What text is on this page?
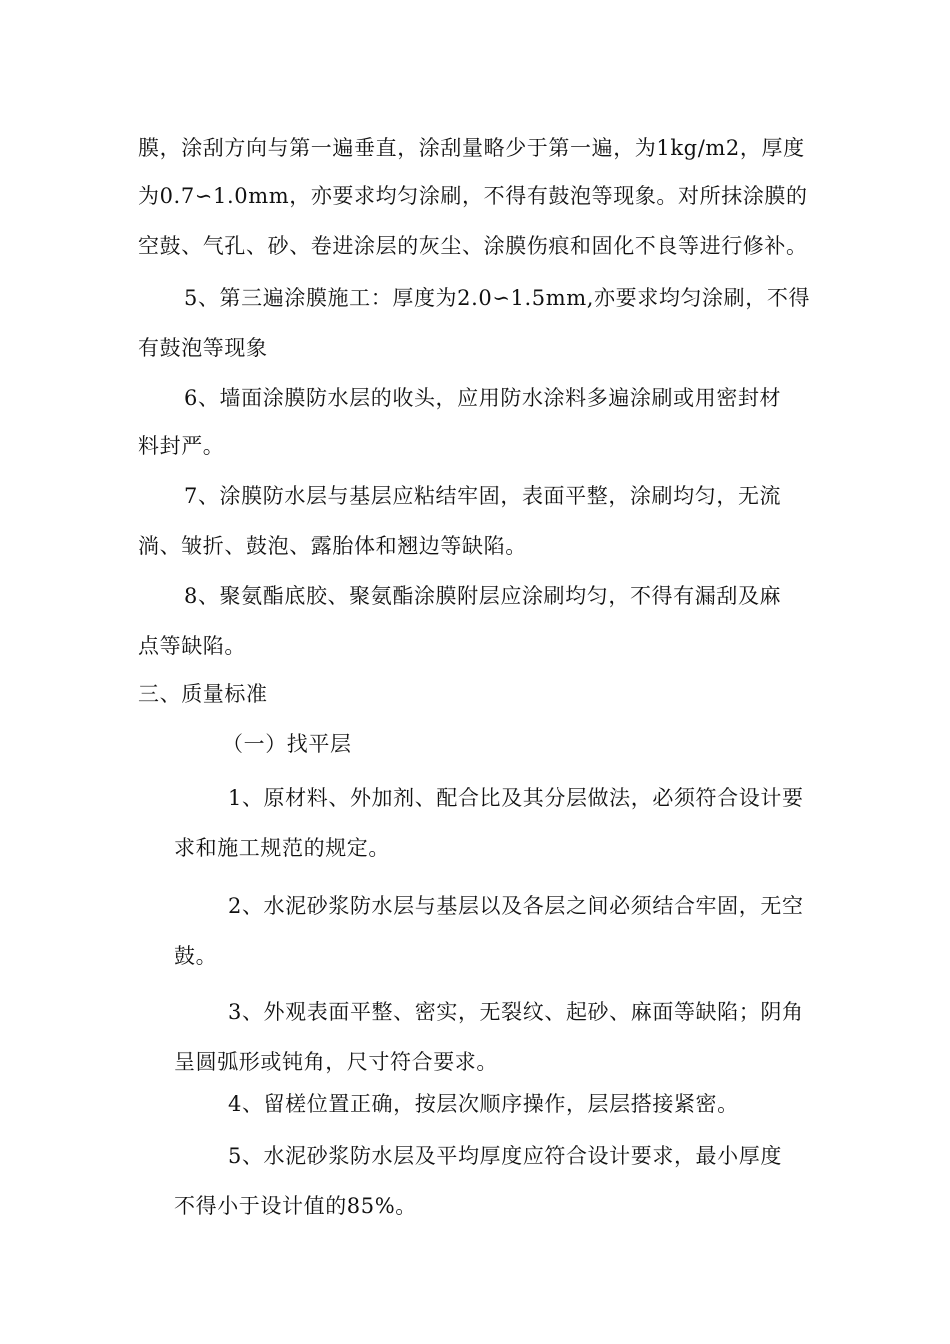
膜，涂刮方向与第一遍垂直，涂刮量略少于第一遍，为1kg/m2，厚度
为0.7∽1.0mm，亦要求均匀涂刷，不得有鼓泡等现象。对所抹涂膜的
空鼓、气孔、砂、卷进涂层的灰尘、涂膜伤痕和固化不良等进行修补。
5、第三遍涂膜施工：厚度为2.0∽1.5mm,亦要求均匀涂刷，不得
有鼓泡等现象
6、墙面涂膜防水层的收头，应用防水涂料多遍涂刷或用密封材
料封严。
7、涂膜防水层与基层应粘结牢固，表面平整，涂刷均匀，无流
淌、皱折、鼓泡、露胎体和翘边等缺陷。
8、聚氨酯底胶、聚氨酯涂膜附层应涂刷均匀，不得有漏刮及麻
点等缺陷。
三、质量标准
（一）找平层
1、原材料、外加剂、配合比及其分层做法，必须符合设计要
求和施工规范的规定。
2、水泥砂浆防水层与基层以及各层之间必须结合牢固，无空
鼓。
3、外观表面平整、密实，无裂纹、起砂、麻面等缺陷；阴角
呈圆弧形或钝角，尺寸符合要求。
4、留槎位置正确，按层次顺序操作，层层搭接紧密。
5、水泥砂浆防水层及平均厚度应符合设计要求，最小厚度
不得小于设计值的85%。
